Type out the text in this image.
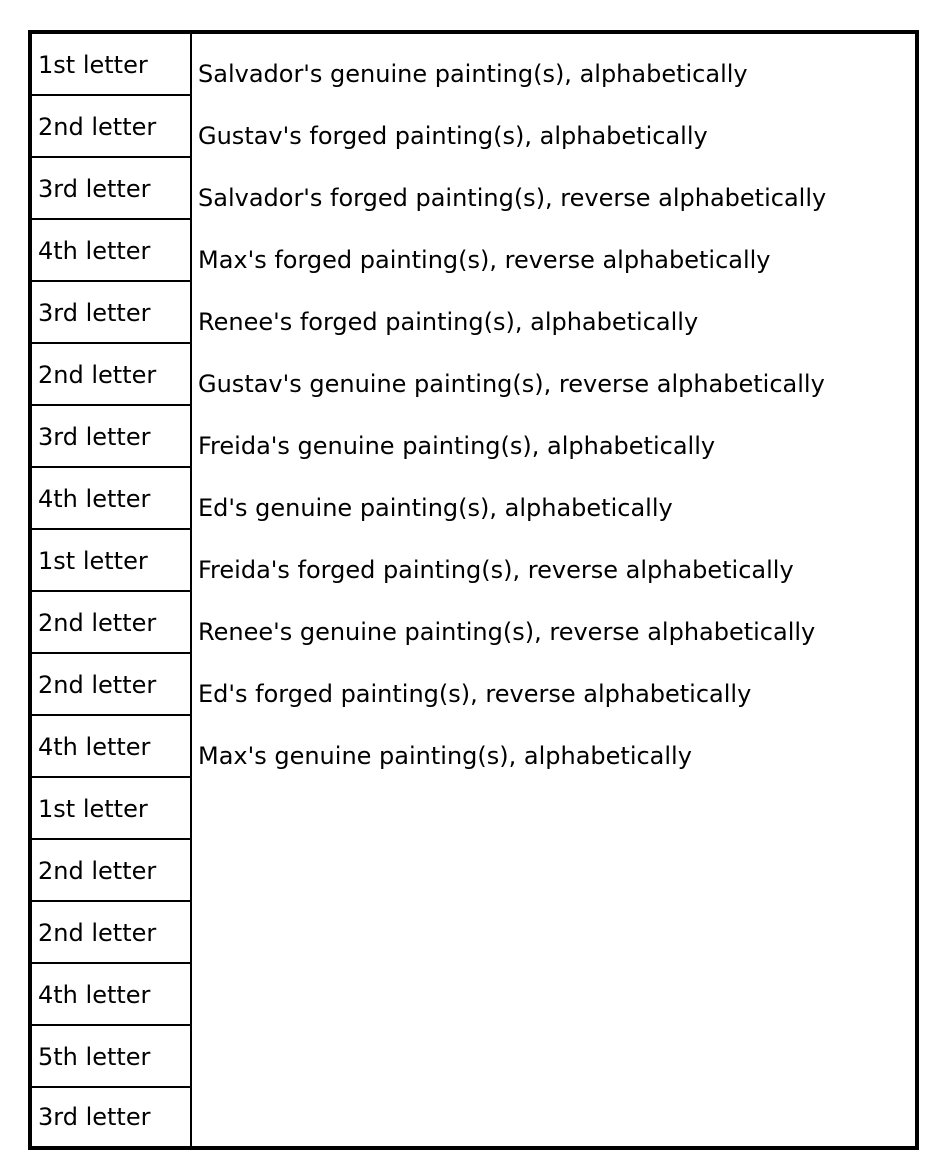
1st letter
2nd letter
3rd letter
4th letter
3rd letter
2nd letter
3rd letter
4th letter
1st letter
2nd letter
2nd letter
4th letter
1st letter
2nd letter
2nd letter
4th letter
5th letter
3rd letter
Salvador's genuine painting(s), alphabetically
Gustav's forged painting(s), alphabetically
Salvador's forged painting(s), reverse alphabetically
Max's forged painting(s), reverse alphabetically
Renee's forged painting(s), alphabetically
Gustav's genuine painting(s), reverse alphabetically
Freida's genuine painting(s), alphabetically
Ed's genuine painting(s), alphabetically
Freida's forged painting(s), reverse alphabetically
Renee's genuine painting(s), reverse alphabetically
Ed's forged painting(s), reverse alphabetically
Max's genuine painting(s), alphabetically
